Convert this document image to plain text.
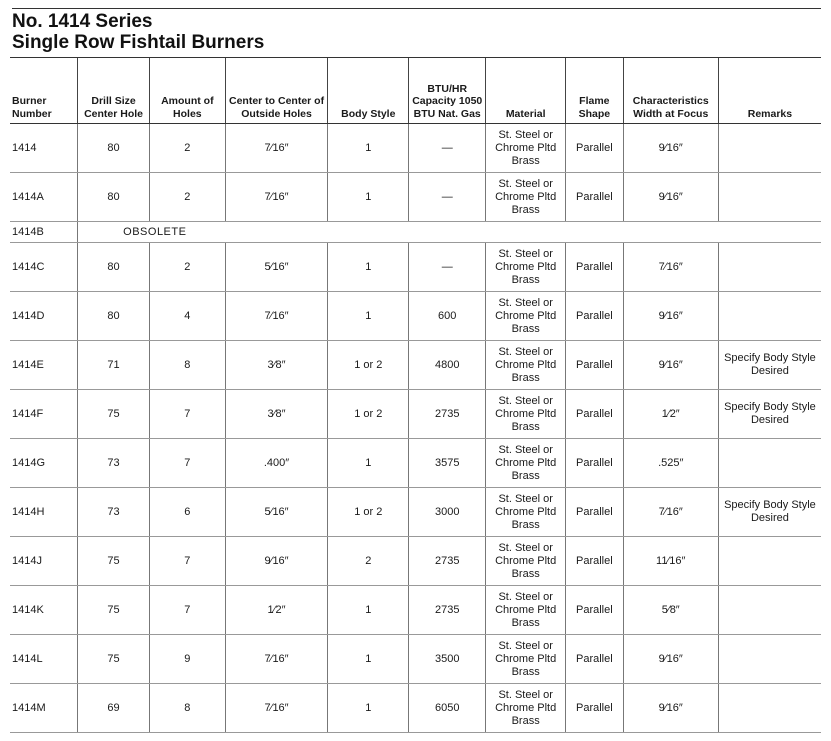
No. 1414 Series
Single Row Fishtail Burners
Burner Number	Drill Size Center Hole	Amount of Holes	Center to Center of Outside Holes	Body Style	BTU/HR Capacity 1050 BTU Nat. Gas	Material	Flame Shape	Characteristics Width at Focus	Remarks
1414	80	2	7⁄16″	1	—	St. Steel or Chrome Pltd Brass	Parallel	9⁄16″	
1414A	80	2	7⁄16″	1	—	St. Steel or Chrome Pltd Brass	Parallel	9⁄16″	
1414B	OBSOLETE								
1414C	80	2	5⁄16″	1	—	St. Steel or Chrome Pltd Brass	Parallel	7⁄16″	
1414D	80	4	7⁄16″	1	600	St. Steel or Chrome Pltd Brass	Parallel	9⁄16″	
1414E	71	8	3⁄8″	1 or 2	4800	St. Steel or Chrome Pltd Brass	Parallel	9⁄16″	Specify Body Style Desired
1414F	75	7	3⁄8″	1 or 2	2735	St. Steel or Chrome Pltd Brass	Parallel	1⁄2″	Specify Body Style Desired
1414G	73	7	.400″	1	3575	St. Steel or Chrome Pltd Brass	Parallel	.525″	
1414H	73	6	5⁄16″	1 or 2	3000	St. Steel or Chrome Pltd Brass	Parallel	7⁄16″	Specify Body Style Desired
1414J	75	7	9⁄16″	2	2735	St. Steel or Chrome Pltd Brass	Parallel	11⁄16″	
1414K	75	7	1⁄2″	1	2735	St. Steel or Chrome Pltd Brass	Parallel	5⁄8″	
1414L	75	9	7⁄16″	1	3500	St. Steel or Chrome Pltd Brass	Parallel	9⁄16″	
1414M	69	8	7⁄16″	1	6050	St. Steel or Chrome Pltd Brass	Parallel	9⁄16″	
